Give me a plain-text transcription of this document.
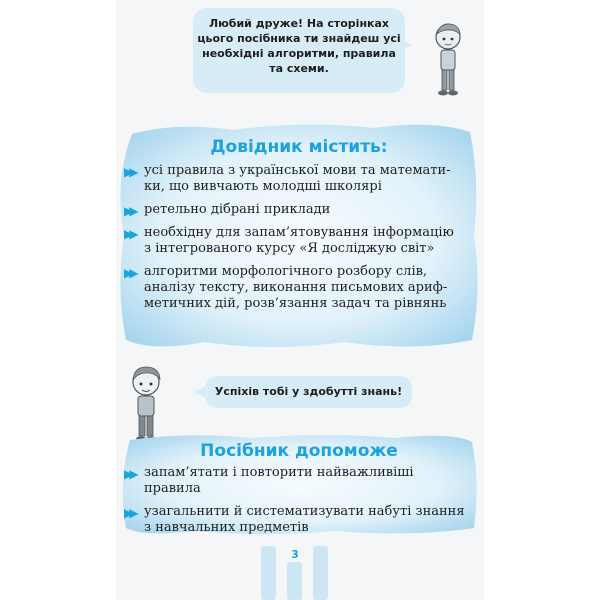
Любий друже! На сторінках
цього посібника ти знайдеш усі
необхідні алгоритми, правила
та схеми.
Довідник містить:
▶▶ усі правила з української мови та математи-
ки, що вивчають молодші школярі
▶▶ ретельно дібрані приклади
▶▶ необхідну для запам’ятовування інформацію
з інтегрованого курсу «Я досліджую світ»
▶▶ алгоритми морфологічного розбору слів,
аналізу тексту, виконання письмових ариф-
метичних дій, розв’язання задач та рівнянь
Успіхів тобі у здобутті знань!
Посібник допоможе
▶▶ запам’ятати і повторити найважливіші правила
▶▶ узагальнити й систематизувати набуті знання
з навчальних предметів
3
